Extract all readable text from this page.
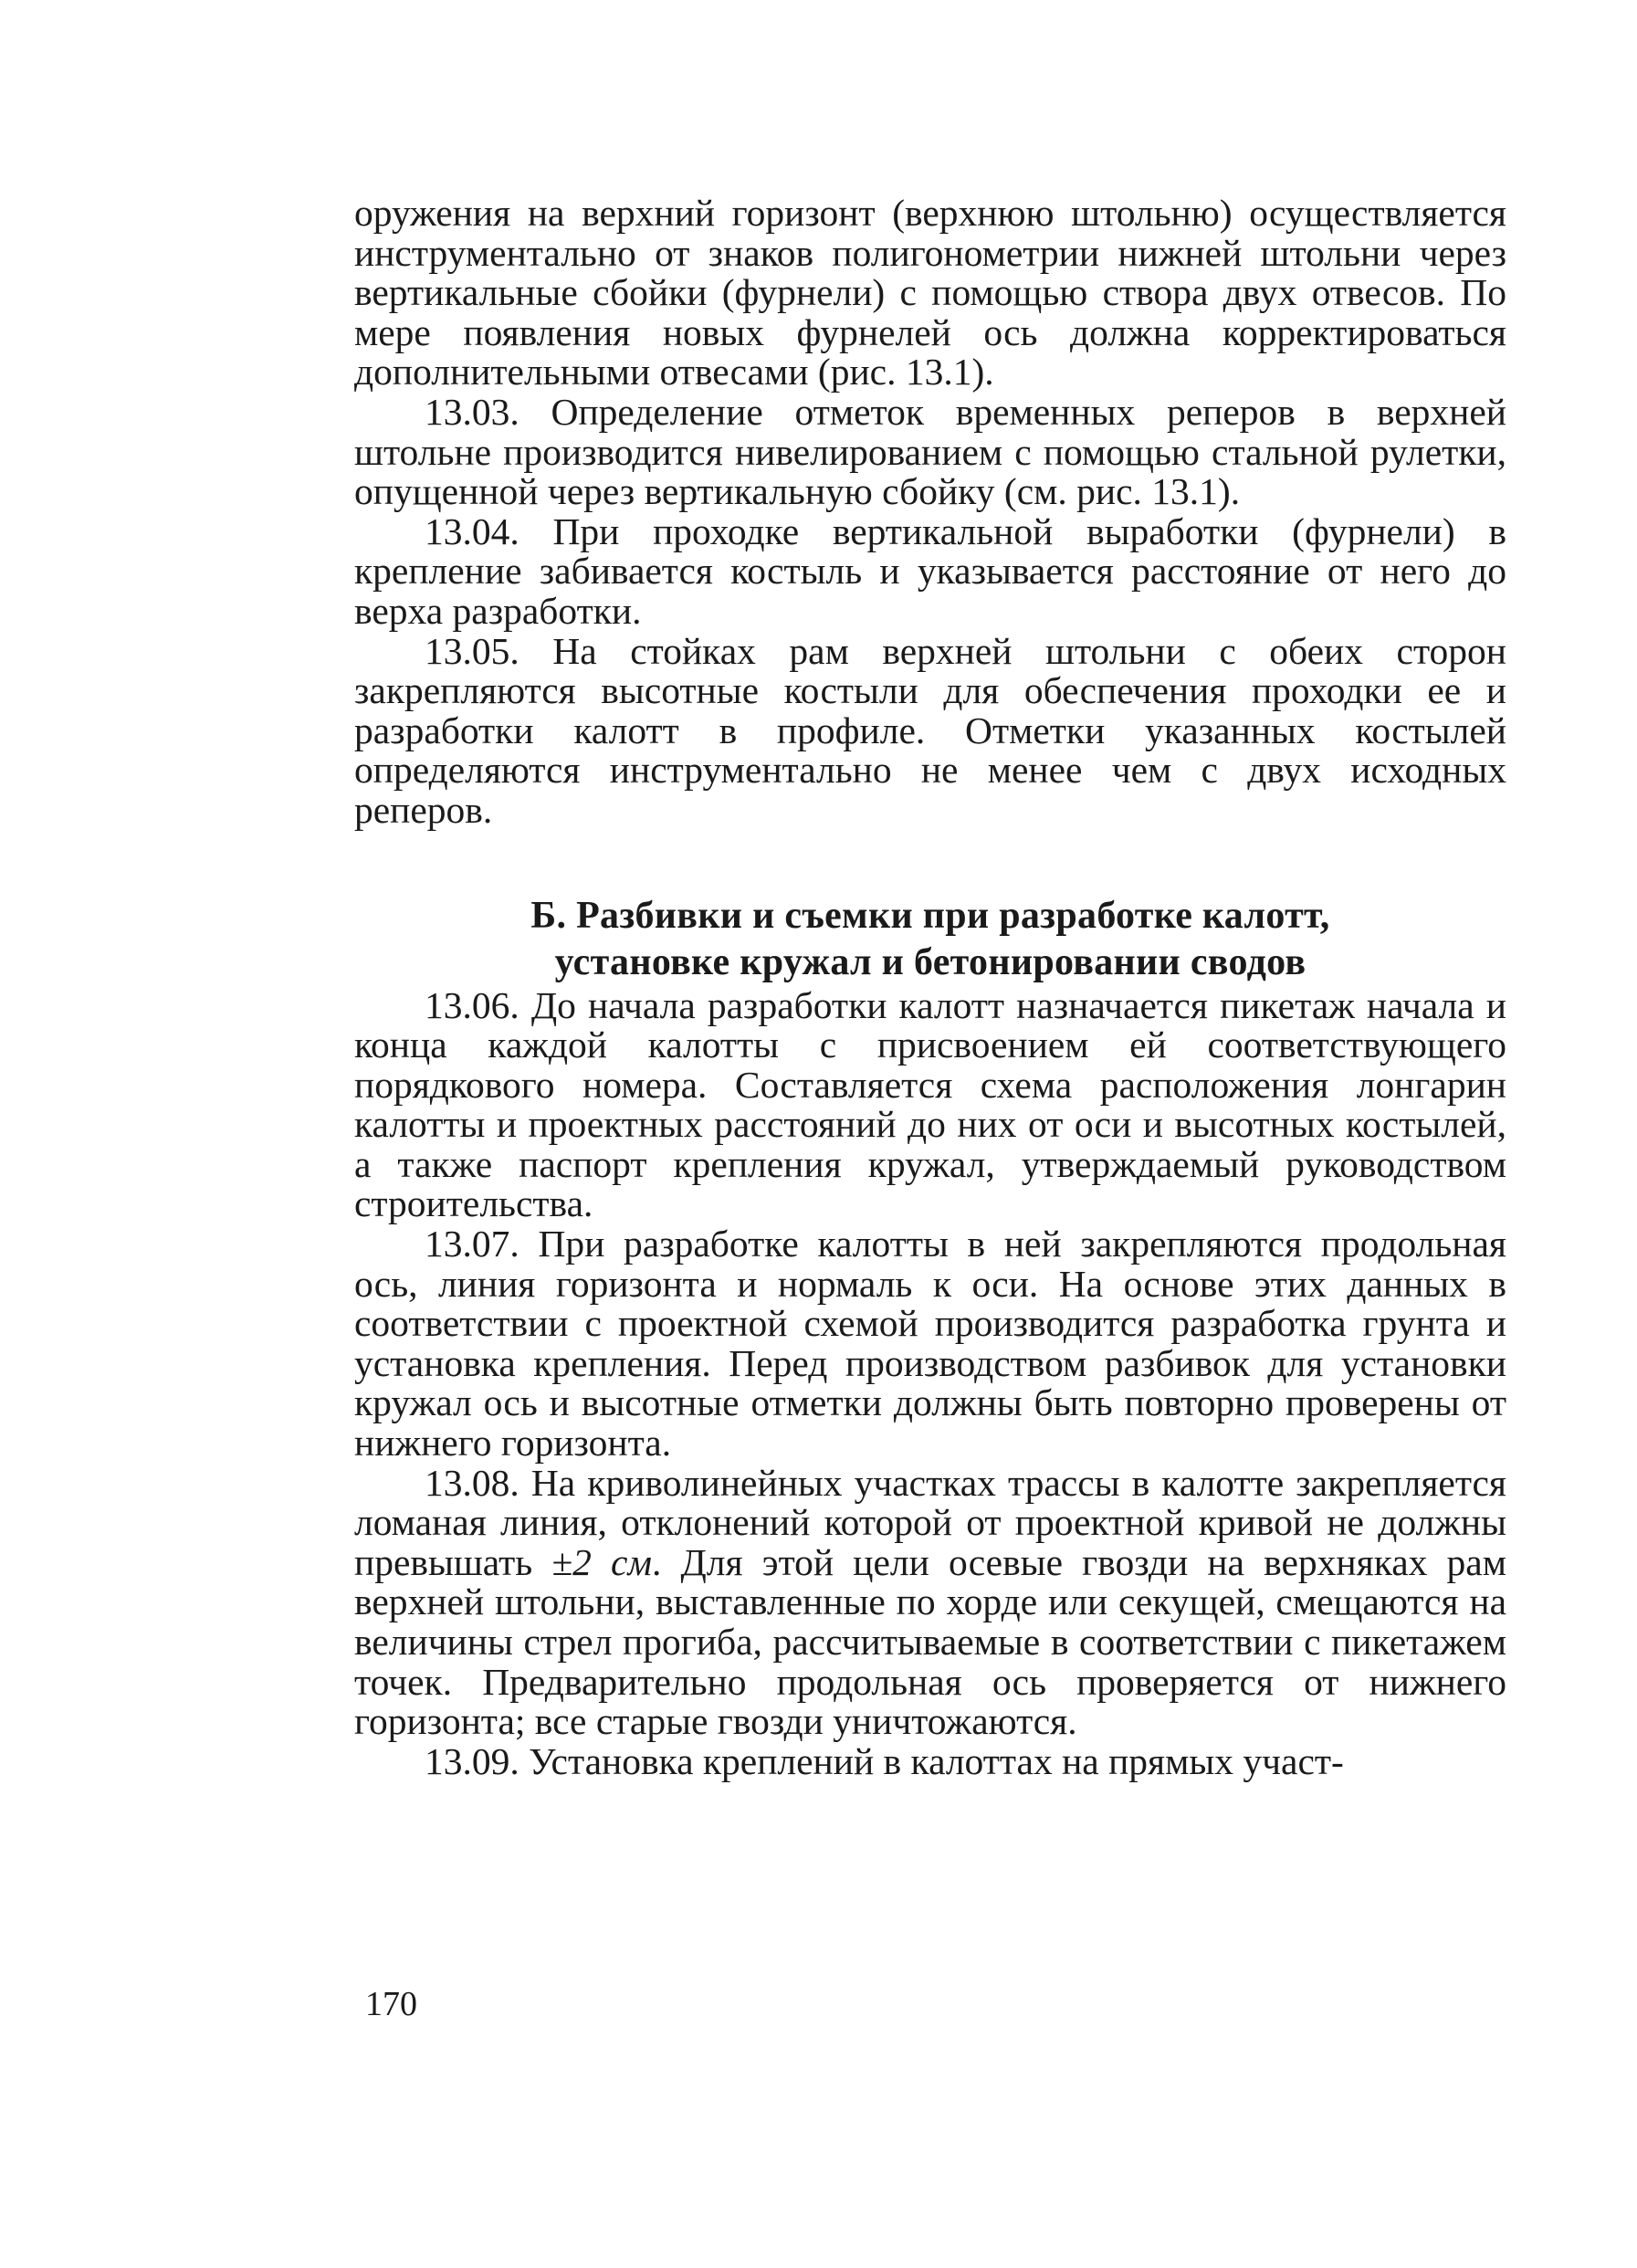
оружения на верхний горизонт (верхнюю штольню) осуществляется инструментально от знаков полигонометрии нижней штольни через вертикальные сбойки (фурнели) с помощью створа двух отвесов. По мере появления новых фурнелей ось должна корректироваться дополнительными отвесами (рис. 13.1).

13.03. Определение отметок временных реперов в верхней штольне производится нивелированием с помощью стальной рулетки, опущенной через вертикальную сбойку (см. рис. 13.1).

13.04. При проходке вертикальной выработки (фурнели) в крепление забивается костыль и указывается расстояние от него до верха разработки.

13.05. На стойках рам верхней штольни с обеих сторон закрепляются высотные костыли для обеспечения проходки ее и разработки калотт в профиле. Отметки указанных костылей определяются инструментально не менее чем с двух исходных реперов.

Б. Разбивки и съемки при разработке калотт,
установке кружал и бетонировании сводов

13.06. До начала разработки калотт назначается пикетаж начала и конца каждой калотты с присвоением ей соответствующего порядкового номера. Составляется схема расположения лонгарин калотты и проектных расстояний до них от оси и высотных костылей, а также паспорт крепления кружал, утверждаемый руководством строительства.

13.07. При разработке калотты в ней закрепляются продольная ось, линия горизонта и нормаль к оси. На основе этих данных в соответствии с проектной схемой производится разработка грунта и установка крепления. Перед производством разбивок для установки кружал ось и высотные отметки должны быть повторно проверены от нижнего горизонта.

13.08. На криволинейных участках трассы в калотте закрепляется ломаная линия, отклонений которой от проектной кривой не должны превышать ±2 см. Для этой цели осевые гвозди на верхняках рам верхней штольни, выставленные по хорде или секущей, смещаются на величины стрел прогиба, рассчитываемые в соответствии с пикетажем точек. Предварительно продольная ось проверяется от нижнего горизонта; все старые гвозди уничтожаются.

13.09. Установка креплений в калоттах на прямых участ-

170
